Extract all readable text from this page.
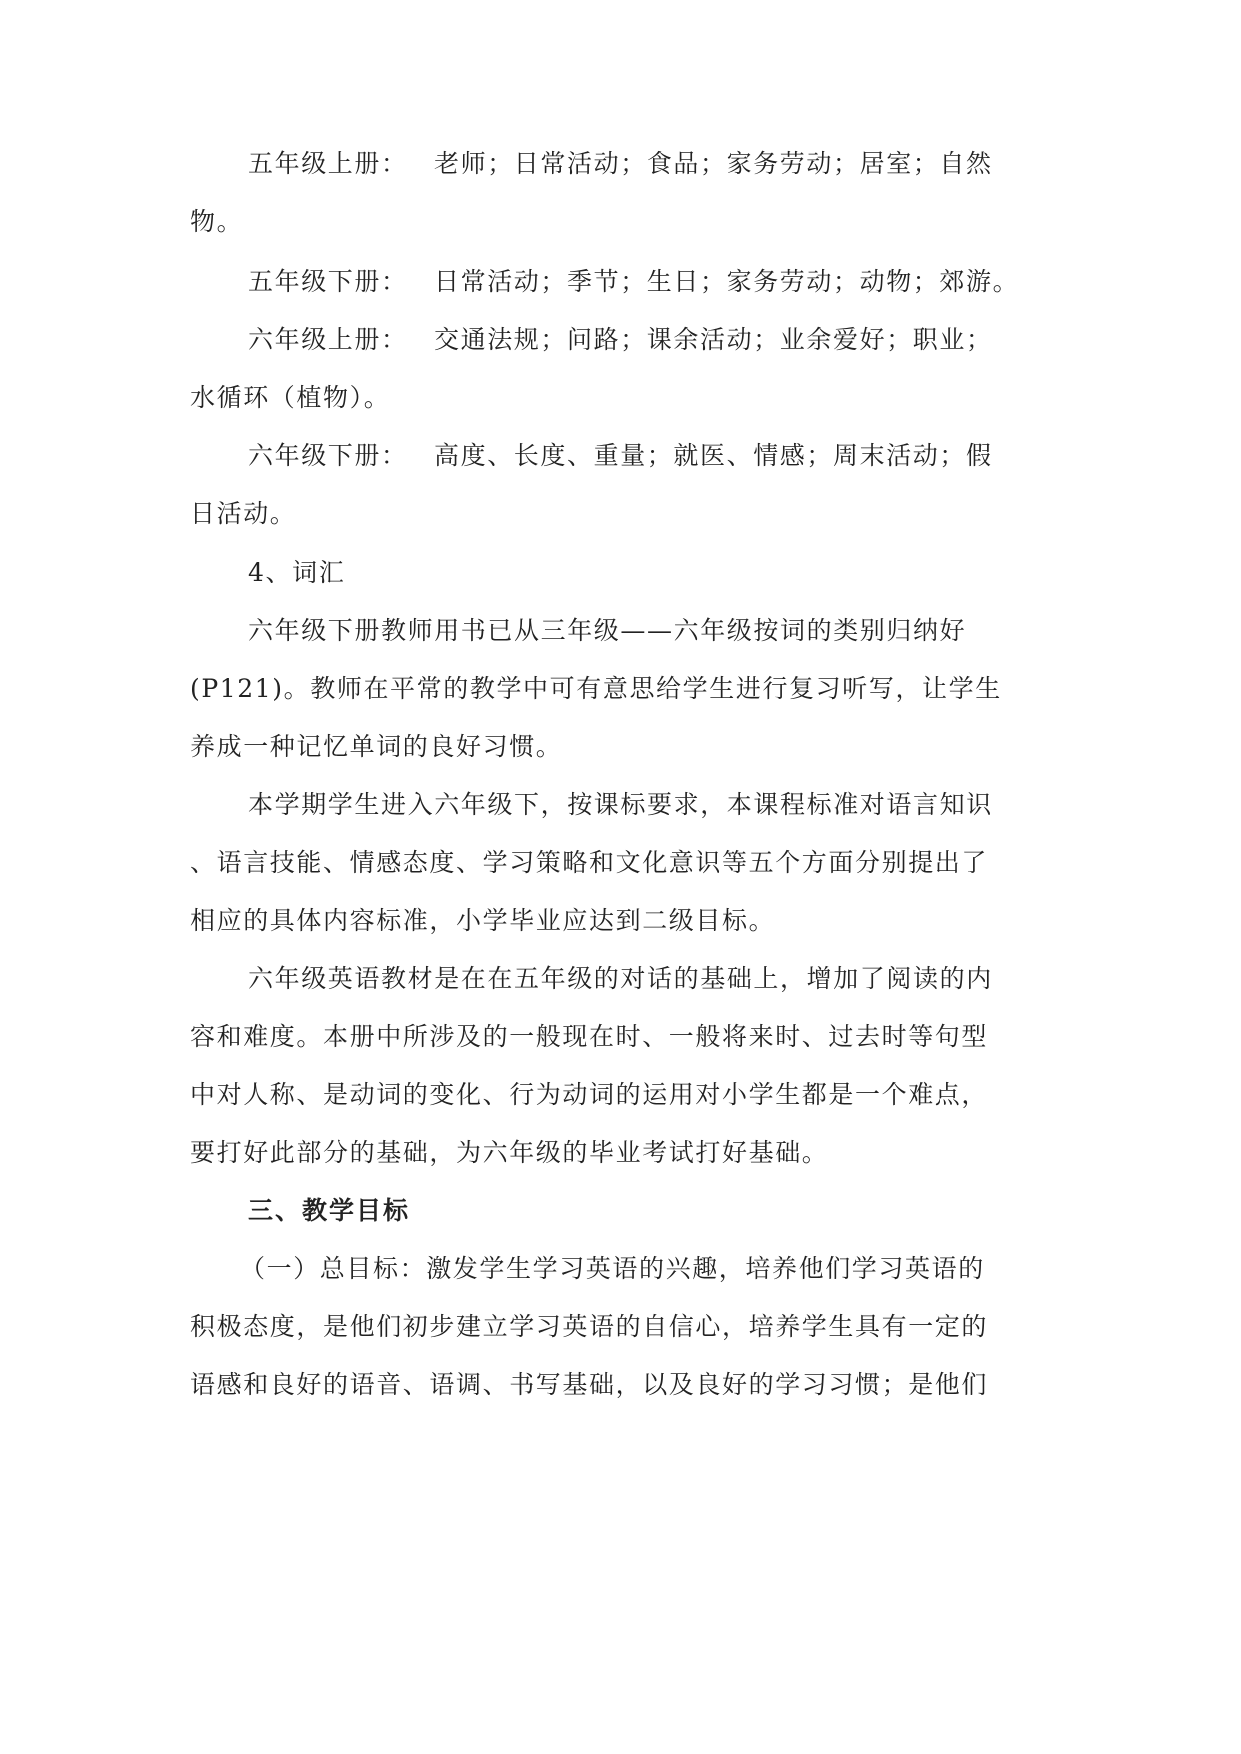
五年级上册： 老师；日常活动；食品；家务劳动；居室；自然
物。
五年级下册： 日常活动；季节；生日；家务劳动；动物；郊游。
六年级上册： 交通法规；问路；课余活动；业余爱好；职业；
水循环（植物）。
六年级下册： 高度、长度、重量；就医、情感；周末活动；假
日活动。
4、词汇
六年级下册教师用书已从三年级——六年级按词的类别归纳好
(P121)。教师在平常的教学中可有意思给学生进行复习听写，让学生
养成一种记忆单词的良好习惯。
本学期学生进入六年级下，按课标要求，本课程标准对语言知识
、语言技能、情感态度、学习策略和文化意识等五个方面分别提出了
相应的具体内容标准，小学毕业应达到二级目标。
六年级英语教材是在在五年级的对话的基础上，增加了阅读的内
容和难度。本册中所涉及的一般现在时、一般将来时、过去时等句型
中对人称、是动词的变化、行为动词的运用对小学生都是一个难点，
要打好此部分的基础，为六年级的毕业考试打好基础。
三、教学目标
（一）总目标：激发学生学习英语的兴趣，培养他们学习英语的
积极态度，是他们初步建立学习英语的自信心，培养学生具有一定的
语感和良好的语音、语调、书写基础，以及良好的学习习惯；是他们
